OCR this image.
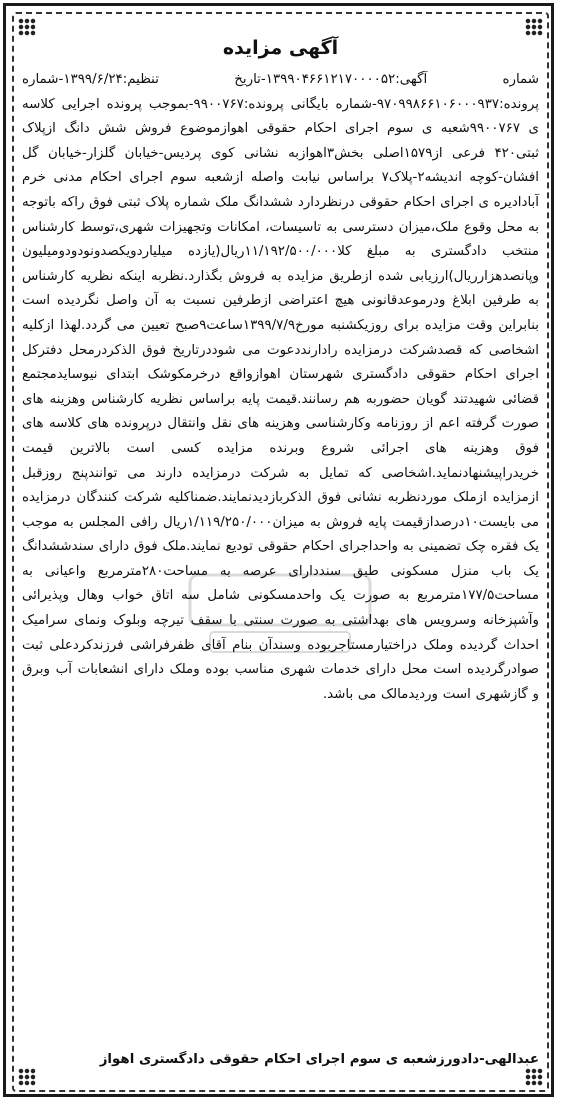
آگهی مزایده

شماره آگهی:۱۳۹۹۰۴۶۶۱۲۱۷۰۰۰۰۵۲-تاریخ تنظیم:۱۳۹۹/۶/۲۴-شماره پرونده:۹۷۰۹۹۸۶۶۱۰۶۰۰۰۹۳۷-شماره بایگانی پرونده:۹۹۰۰۷۶۷-بموجب پرونده اجرایی کلاسه ی ۹۹۰۰۷۶۷شعبه ی سوم اجرای احکام حقوقی اهوازموضوع فروش شش دانگ ازپلاک ثبتی۴۲۰ فرعی از۱۵۷۹اصلی بخش۳اهوازبه نشانی کوی پردیس-خیابان گلزار-خیابان گل افشان-کوچه اندیشه۲-پلاک۷ براساس نیابت واصله ازشعبه سوم اجرای احکام مدنی خرم آبادادیره ی اجرای احکام حقوقی درنظردارد ششدانگ ملک شماره پلاک ثبتی فوق راکه باتوجه به محل وقوع ملک،میزان دسترسی به تاسیسات، امکانات وتجهیزات شهری،توسط کارشناس منتخب دادگستری به مبلغ کلا۱۱/۱۹۲/۵۰۰/۰۰۰ریال(یازده میلیاردویکصدونودودومیلیون وپانصدهزارریال)ارزیابی شده ازطریق مزایده به فروش بگذارد.نظربه اینکه نظریه کارشناس به طرفین ابلاغ ودرموعدقانونی هیچ اعتراضی ازطرفین نسبت به آن واصل نگردیده است بنابراین وقت مزایده برای روزیکشنبه مورخ۱۳۹۹/۷/۹ساعت۹صبح تعیین می گردد.لهذا ازکلیه اشخاصی که قصدشرکت درمزایده رادارنددعوت می شوددرتاریخ فوق الذکردرمحل دفترکل اجرای احکام حقوقی دادگستری شهرستان اهوازواقع درخرمکوشک ابتدای نیوسایدمجتمع قضائی شهیدتند گویان حضوربه هم رسانند.قیمت پایه براساس نظریه کارشناس وهزینه های صورت گرفته اعم از روزنامه وکارشناسی وهزینه های نقل وانتقال درپرونده های کلاسه های فوق وهزینه های اجرائی شروع وبرنده مزایده کسی است بالاترین قیمت خریدراپیشنهادنماید.اشخاصی که تمایل به شرکت درمزایده دارند می توانندپنج روزقبل ازمزایده ازملک موردنظربه نشانی فوق الذکربازدیدنمایند.ضمناکلیه شرکت کنندگان درمزایده می بایست۱۰درصدازقیمت پایه فروش به میزان۱/۱۱۹/۲۵۰/۰۰۰ریال رافی المجلس به موجب یک فقره چک تضمینی به واحداجرای احکام حقوقی تودیع نمایند.ملک فوق دارای سندششدانگ یک باب منزل مسکونی طبق سنددارای عرصه به مساحت۲۸۰مترمربع واعیانی به مساحت۱۷۷/۵مترمربع به صورت یک واحدمسکونی شامل سه اتاق خواب وهال وپذیرائی وآشپزخانه وسرویس های بهداشتی به صورت سنتی با سقف تیرچه وبلوک ونمای سرامیک احداث گردیده وملک دراختیارمستاجربوده وسندآن بنام آقای ظفرفراشی فرزندکردعلی ثبت صوادرگردیده است محل دارای خدمات شهری مناسب بوده وملک دارای انشعابات آب وبرق و گازشهری است وردیدمالک می باشد.

عبدالهی-دادورزشعبه ی سوم اجرای احکام حقوقی دادگستری اهواز
